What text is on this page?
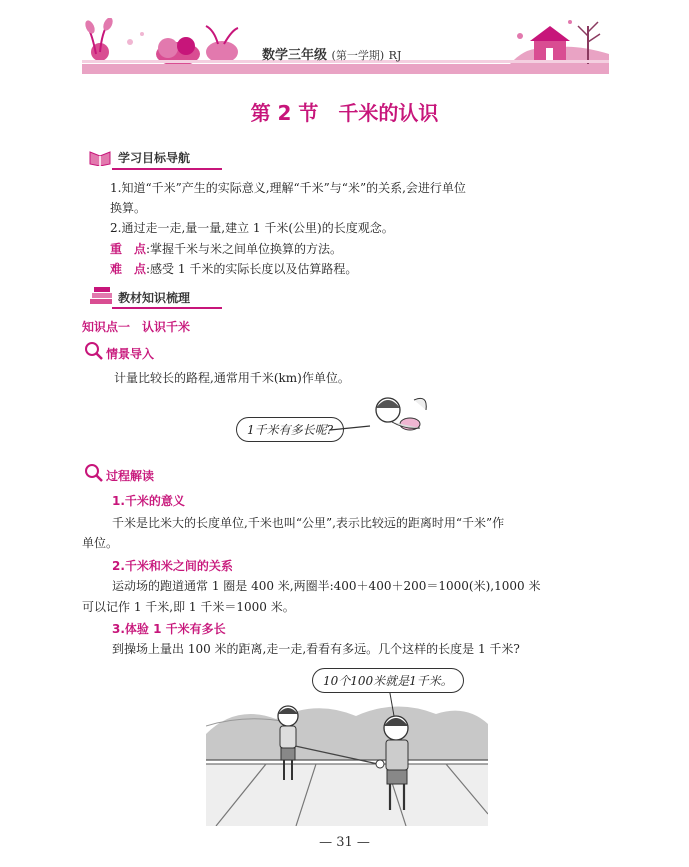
数学三年级 (第一学期) RJ
第 2 节　 千米的认识
学习目标导航
1.知道“千米”产生的实际意义,理解“千米”与“米”的关系,会进行单位
换算。
2.通过走一走,量一量,建立 1 千米(公里)的长度观念。
重　点:掌握千米与米之间单位换算的方法。
难　点:感受 1 千米的实际长度以及估算路程。
教材知识梳理
知识点一　认识千米
情景导入
计量比较长的路程,通常用千米(km)作单位。
1千米有多长呢?
过程解读
1.千米的意义
千米是比米大的长度单位,千米也叫“公里”,表示比较远的距离时用“千米”作
单位。
2.千米和米之间的关系
运动场的跑道通常 1 圈是 400 米,两圈半:400＋400＋200＝1000(米),1000 米
可以记作 1 千米,即 1 千米＝1000 米。
3.体验 1 千米有多长
到操场上量出 100 米的距离,走一走,看看有多远。几个这样的长度是 1 千米?
10个100米就是1千米。
— 31 —
